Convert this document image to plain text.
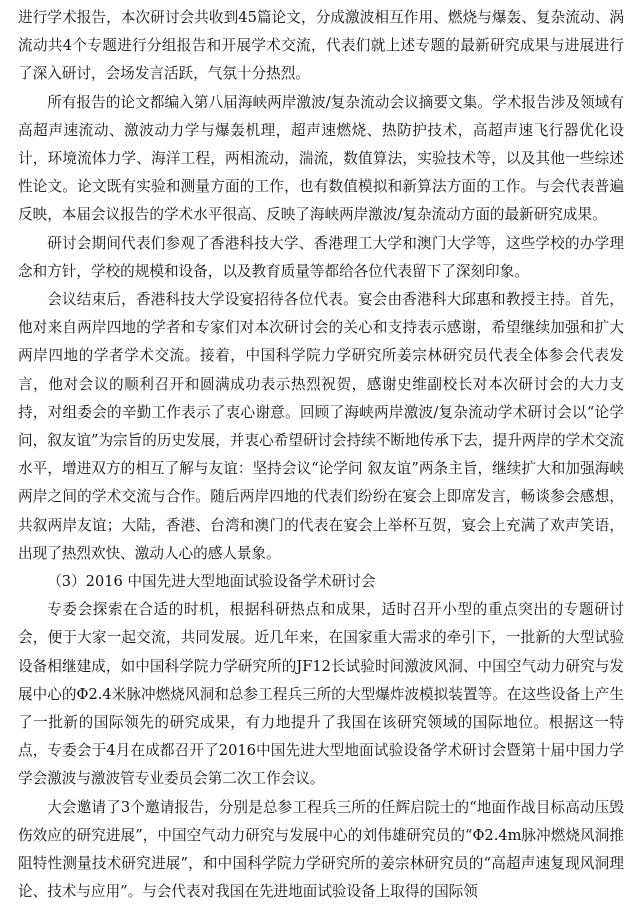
进行学术报告，本次研讨会共收到45篇论文，分成激波相互作用、燃烧与爆轰、复杂流动、涡流动共4个专题进行分组报告和开展学术交流，代表们就上述专题的最新研究成果与进展进行了深入研讨，会场发言活跃，气氛十分热烈。

所有报告的论文都编入第八届海峡两岸激波/复杂流动会议摘要文集。学术报告涉及领域有高超声速流动、激波动力学与爆轰机理，超声速燃烧、热防护技术，高超声速飞行器优化设计，环境流体力学、海洋工程，两相流动，湍流，数值算法，实验技术等，以及其他一些综述性论文。论文既有实验和测量方面的工作，也有数值模拟和新算法方面的工作。与会代表普遍反映，本届会议报告的学术水平很高、反映了海峡两岸激波/复杂流动方面的最新研究成果。

研讨会期间代表们参观了香港科技大学、香港理工大学和澳门大学等，这些学校的办学理念和方针，学校的规模和设备，以及教育质量等都给各位代表留下了深刻印象。

会议结束后，香港科技大学设宴招待各位代表。宴会由香港科大邱惠和教授主持。首先，他对来自两岸四地的学者和专家们对本次研讨会的关心和支持表示感谢，希望继续加强和扩大两岸四地的学者学术交流。接着，中国科学院力学研究所姜宗林研究员代表全体参会代表发言，他对会议的顺利召开和圆满成功表示热烈祝贺，感谢史维副校长对本次研讨会的大力支持，对组委会的辛勤工作表示了衷心谢意。回顾了海峡两岸激波/复杂流动学术研讨会以“论学问，叙友谊”为宗旨的历史发展，并衷心希望研讨会持续不断地传承下去，提升两岸的学术交流水平，增进双方的相互了解与友谊：坚持会议“论学问 叙友谊”两条主旨，继续扩大和加强海峡两岸之间的学术交流与合作。随后两岸四地的代表们纷纷在宴会上即席发言，畅谈参会感想，共叙两岸友谊；大陆，香港、台湾和澳门的代表在宴会上举杯互贺，宴会上充满了欢声笑语，出现了热烈欢快、激动人心的感人景象。

（3）2016 中国先进大型地面试验设备学术研讨会

专委会探索在合适的时机，根据科研热点和成果，适时召开小型的重点突出的专题研讨会，便于大家一起交流，共同发展。近几年来，在国家重大需求的牵引下，一批新的大型试验设备相继建成，如中国科学院力学研究所的JF12长试验时间激波风洞、中国空气动力研究与发展中心的Φ2.4米脉冲燃烧风洞和总参工程兵三所的大型爆炸波模拟装置等。在这些设备上产生了一批新的国际领先的研究成果，有力地提升了我国在该研究领域的国际地位。根据这一特点，专委会于4月在成都召开了2016中国先进大型地面试验设备学术研讨会暨第十届中国力学学会激波与激波管专业委员会第二次工作会议。

大会邀请了3个邀请报告，分别是总参工程兵三所的任辉启院士的“地面作战目标高动压毁伤效应的研究进展”，中国空气动力研究与发展中心的刘伟雄研究员的“Φ2.4m脉冲燃烧风洞推阻特性测量技术研究进展”，和中国科学院力学研究所的姜宗林研究员的“高超声速复现风洞理论、技术与应用”。与会代表对我国在先进地面试验设备上取得的国际领
